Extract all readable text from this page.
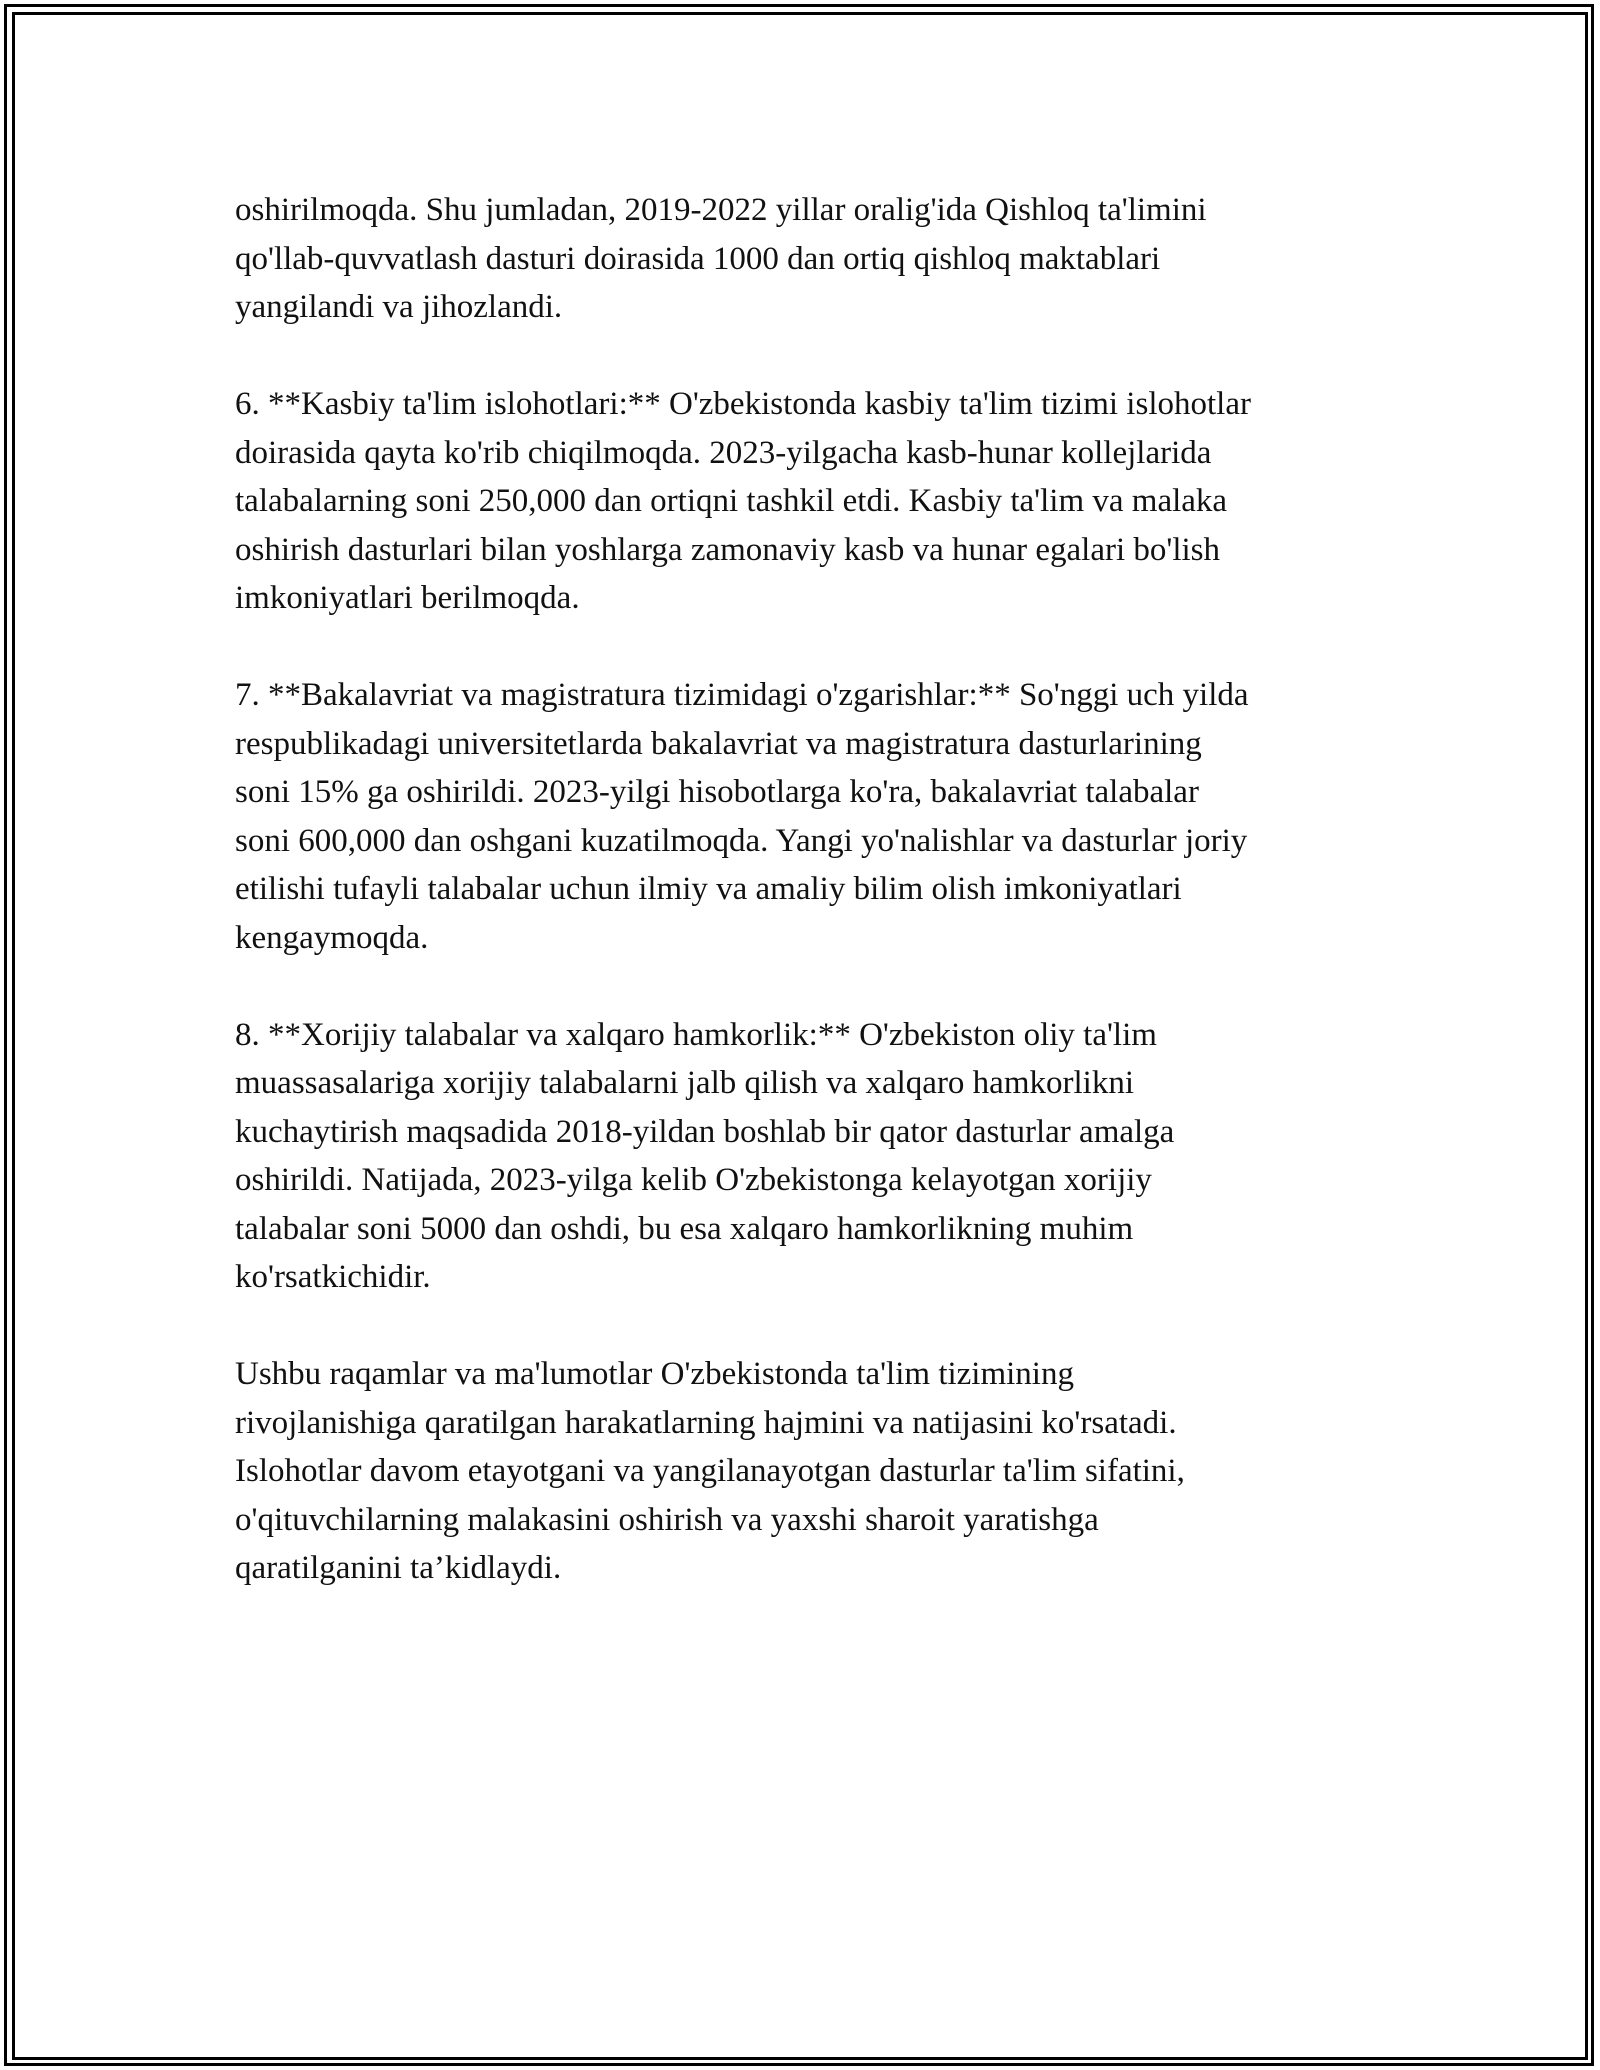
oshirilmoqda. Shu jumladan, 2019-2022 yillar oralig'ida Qishloq ta'limini
qo'llab-quvvatlash dasturi doirasida 1000 dan ortiq qishloq maktablari
yangilandi va jihozlandi.

6. **Kasbiy ta'lim islohotlari:** O'zbekistonda kasbiy ta'lim tizimi islohotlar
doirasida qayta ko'rib chiqilmoqda. 2023-yilgacha kasb-hunar kollejlarida
talabalarning soni 250,000 dan ortiqni tashkil etdi. Kasbiy ta'lim va malaka
oshirish dasturlari bilan yoshlarga zamonaviy kasb va hunar egalari bo'lish
imkoniyatlari berilmoqda.

7. **Bakalavriat va magistratura tizimidagi o'zgarishlar:** So'nggi uch yilda
respublikadagi universitetlarda bakalavriat va magistratura dasturlarining
soni 15% ga oshirildi. 2023-yilgi hisobotlarga ko'ra, bakalavriat talabalar
soni 600,000 dan oshgani kuzatilmoqda. Yangi yo'nalishlar va dasturlar joriy
etilishi tufayli talabalar uchun ilmiy va amaliy bilim olish imkoniyatlari
kengaymoqda.

8. **Xorijiy talabalar va xalqaro hamkorlik:** O'zbekiston oliy ta'lim
muassasalariga xorijiy talabalarni jalb qilish va xalqaro hamkorlikni
kuchaytirish maqsadida 2018-yildan boshlab bir qator dasturlar amalga
oshirildi. Natijada, 2023-yilga kelib O'zbekistonga kelayotgan xorijiy
talabalar soni 5000 dan oshdi, bu esa xalqaro hamkorlikning muhim
ko'rsatkichidir.

Ushbu raqamlar va ma'lumotlar O'zbekistonda ta'lim tizimining
rivojlanishiga qaratilgan harakatlarning hajmini va natijasini ko'rsatadi.
Islohotlar davom etayotgani va yangilanayotgan dasturlar ta'lim sifatini,
o'qituvchilarning malakasini oshirish va yaxshi sharoit yaratishga
qaratilganini ta’kidlaydi.
